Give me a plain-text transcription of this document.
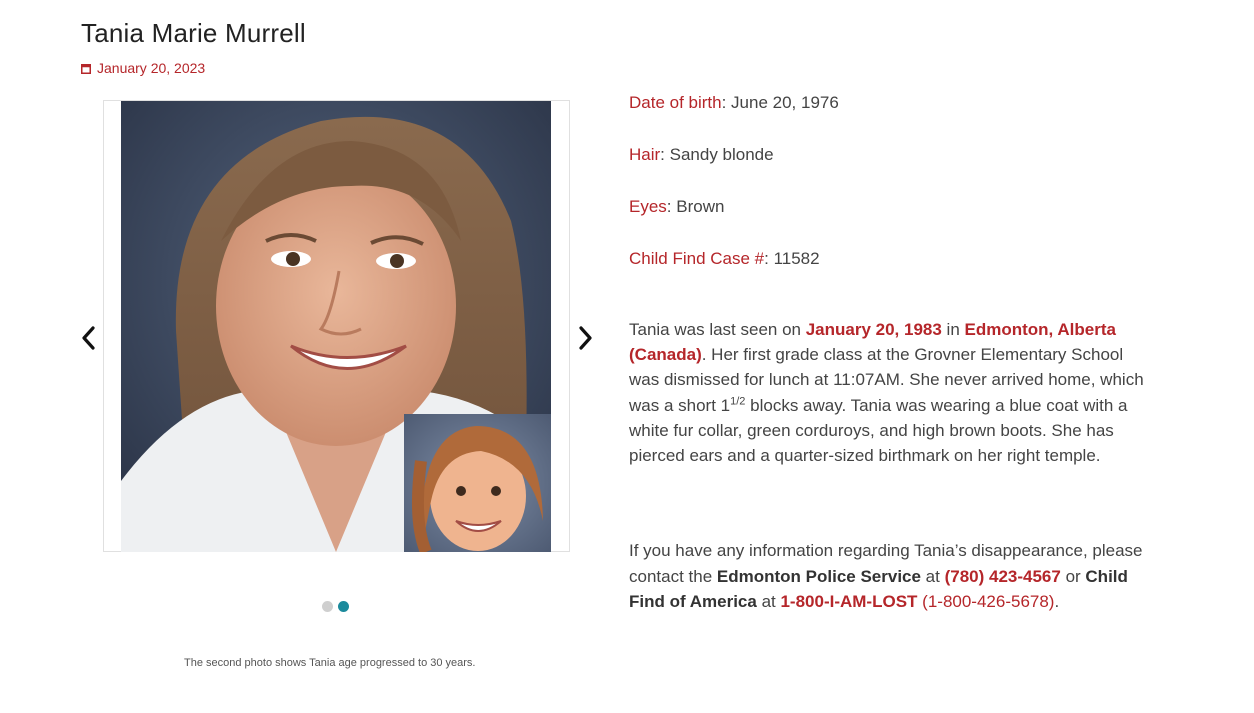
Tania Marie Murrell
January 20, 2023
The second photo shows Tania age progressed to 30 years.
Date of birth: June 20, 1976
Hair: Sandy blonde
Eyes: Brown
Child Find Case #: 11582

Tania was last seen on January 20, 1983 in Edmonton, Alberta (Canada). Her first grade class at the Grovner Elementary School was dismissed for lunch at 11:07AM. She never arrived home, which was a short $1^{1/2}$ blocks away. Tania was wearing a blue coat with a white fur collar, green corduroys, and high brown boots. She has pierced ears and a quarter-sized birthmark on her right temple.

If you have any information regarding Tania’s disappearance, please contact the Edmonton Police Service at (780) 423-4567 or Child Find of America at 1-800-I-AM-LOST (1-800-426-5678).
